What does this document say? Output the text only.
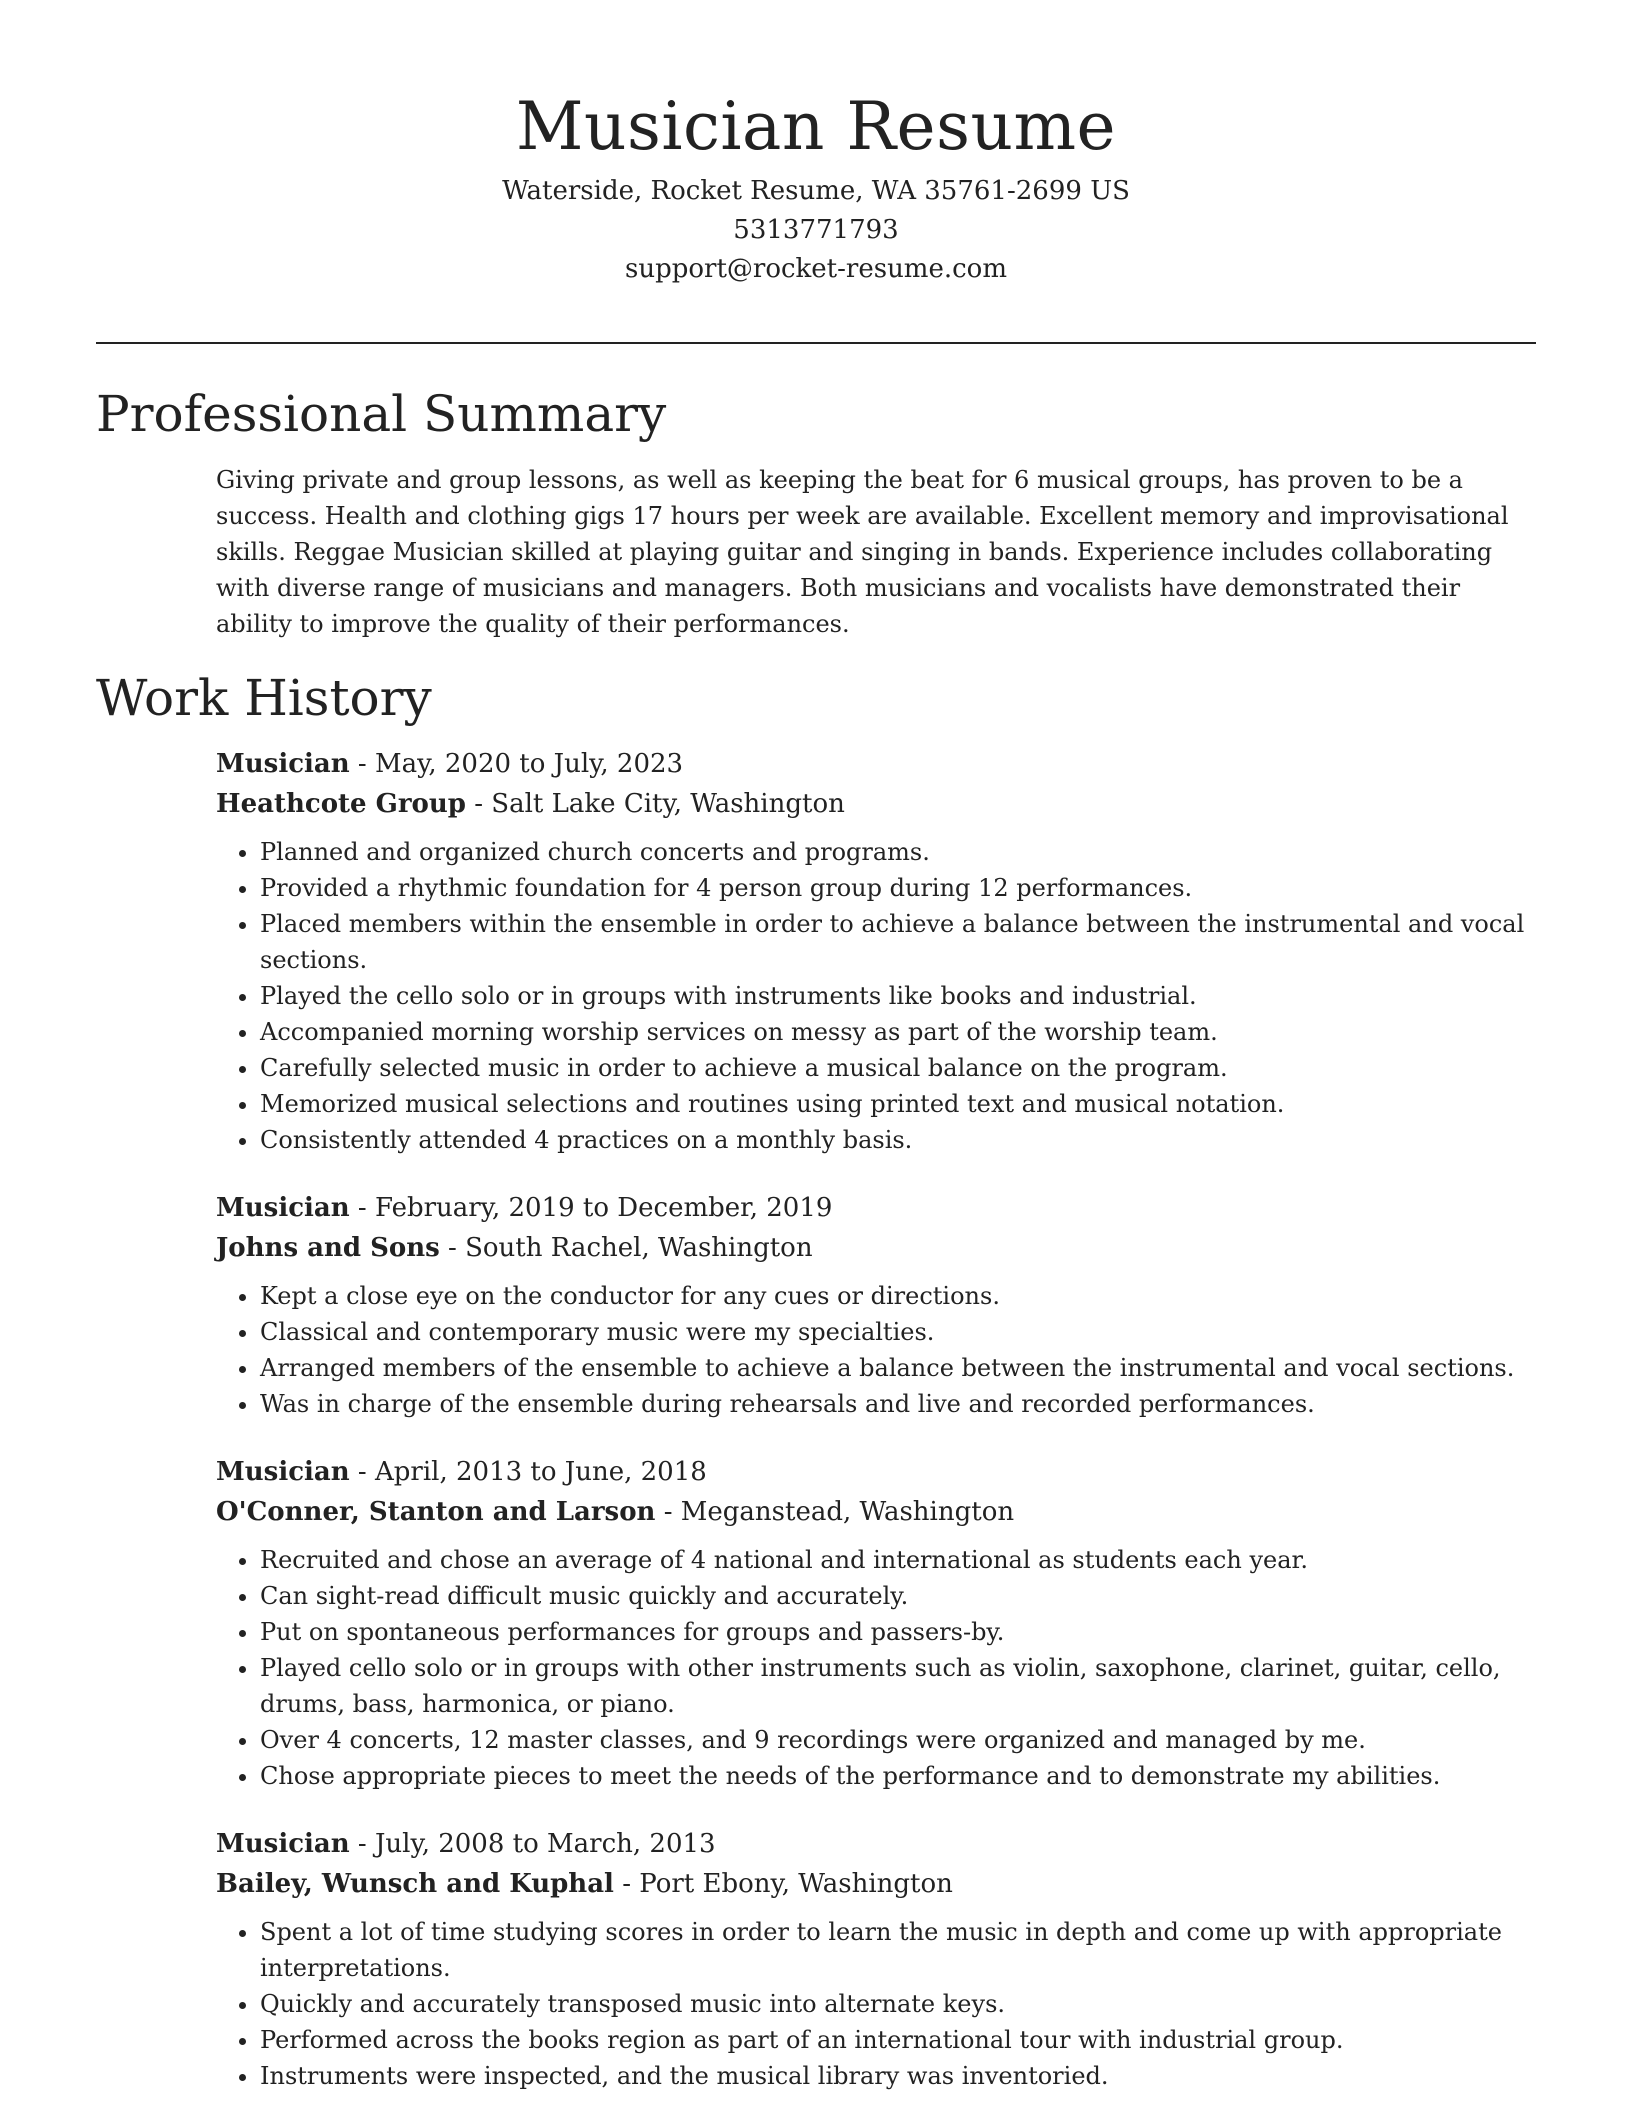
Musician Resume
Waterside, Rocket Resume, WA 35761-2699 US
5313771793
support@rocket-resume.com
Professional Summary

Giving private and group lessons, as well as keeping the beat for 6 musical groups, has proven to be a success. Health and clothing gigs 17 hours per week are available. Excellent memory and improvisational skills. Reggae Musician skilled at playing guitar and singing in bands. Experience includes collaborating with diverse range of musicians and managers. Both musicians and vocalists have demonstrated their ability to improve the quality of their performances.

Work History
Musician - May, 2020 to July, 2023
Heathcote Group - Salt Lake City, Washington
• Planned and organized church concerts and programs.
• Provided a rhythmic foundation for 4 person group during 12 performances.
• Placed members within the ensemble in order to achieve a balance between the instrumental and vocal sections.
• Played the cello solo or in groups with instruments like books and industrial.
• Accompanied morning worship services on messy as part of the worship team.
• Carefully selected music in order to achieve a musical balance on the program.
• Memorized musical selections and routines using printed text and musical notation.
• Consistently attended 4 practices on a monthly basis.
Musician - February, 2019 to December, 2019
Johns and Sons - South Rachel, Washington
• Kept a close eye on the conductor for any cues or directions.
• Classical and contemporary music were my specialties.
• Arranged members of the ensemble to achieve a balance between the instrumental and vocal sections.
• Was in charge of the ensemble during rehearsals and live and recorded performances.
Musician - April, 2013 to June, 2018
O'Conner, Stanton and Larson - Meganstead, Washington
• Recruited and chose an average of 4 national and international as students each year.
• Can sight-read difficult music quickly and accurately.
• Put on spontaneous performances for groups and passers-by.
• Played cello solo or in groups with other instruments such as violin, saxophone, clarinet, guitar, cello, drums, bass, harmonica, or piano.
• Over 4 concerts, 12 master classes, and 9 recordings were organized and managed by me.
• Chose appropriate pieces to meet the needs of the performance and to demonstrate my abilities.
Musician - July, 2008 to March, 2013
Bailey, Wunsch and Kuphal - Port Ebony, Washington
• Spent a lot of time studying scores in order to learn the music in depth and come up with appropriate interpretations.
• Quickly and accurately transposed music into alternate keys.
• Performed across the books region as part of an international tour with industrial group.
• Instruments were inspected, and the musical library was inventoried.
